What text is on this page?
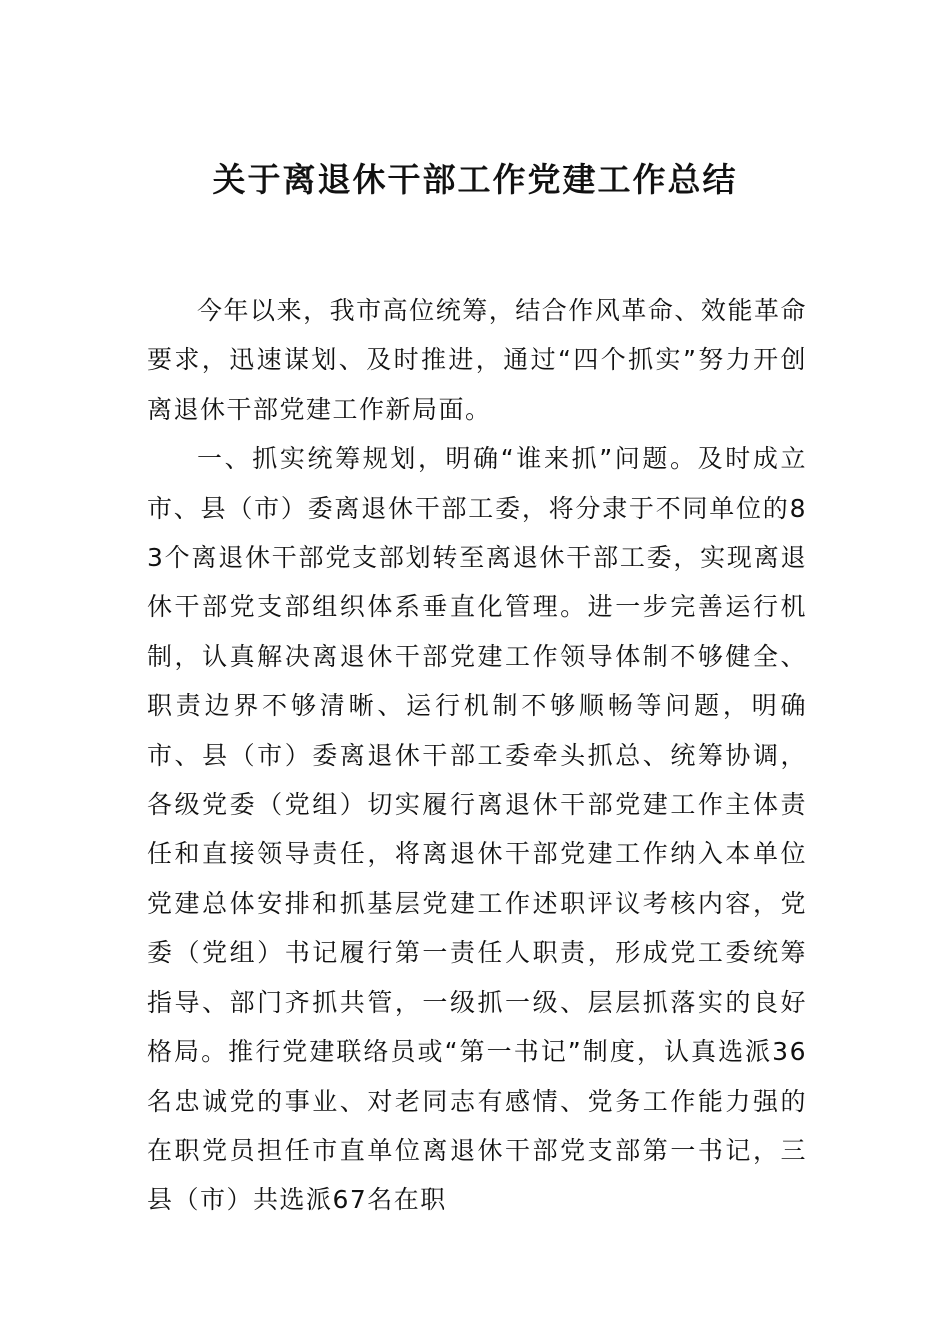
关于离退休干部工作党建工作总结

今年以来，我市高位统筹，结合作风革命、效能革命要求，迅速谋划、及时推进，通过“四个抓实”努力开创离退休干部党建工作新局面。

一、抓实统筹规划，明确“谁来抓”问题。及时成立市、县（市）委离退休干部工委，将分隶于不同单位的83个离退休干部党支部划转至离退休干部工委，实现离退休干部党支部组织体系垂直化管理。进一步完善运行机制，认真解决离退休干部党建工作领导体制不够健全、职责边界不够清晰、运行机制不够顺畅等问题，明确市、县（市）委离退休干部工委牵头抓总、统筹协调，各级党委（党组）切实履行离退休干部党建工作主体责任和直接领导责任，将离退休干部党建工作纳入本单位党建总体安排和抓基层党建工作述职评议考核内容，党委（党组）书记履行第一责任人职责，形成党工委统筹指导、部门齐抓共管，一级抓一级、层层抓落实的良好格局。推行党建联络员或“第一书记”制度，认真选派36名忠诚党的事业、对老同志有感情、党务工作能力强的在职党员担任市直单位离退休干部党支部第一书记，三县（市）共选派67名在职
